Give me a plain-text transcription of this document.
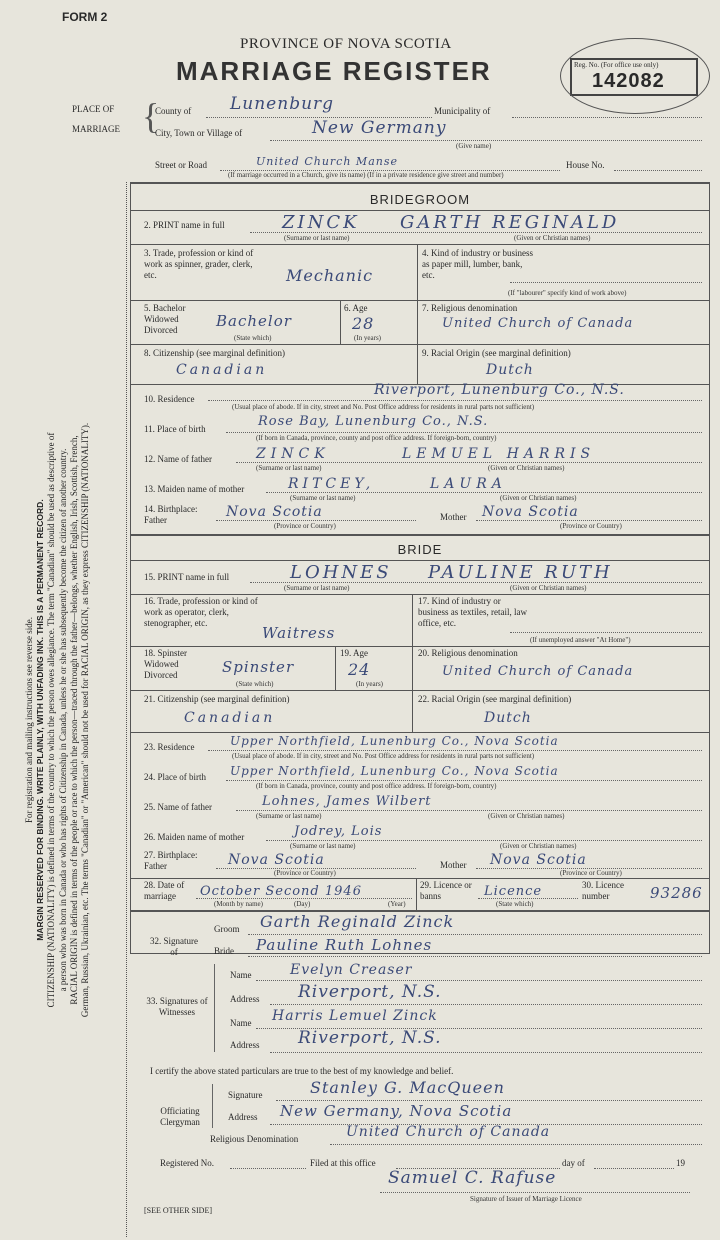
For registration and mailing instructions see reverse side. MARGIN RESERVED FOR BINDING. WRITE PLAINLY, WITH UNFADING INK. THIS IS A PERMANENT RECORD. CITIZENSHIP (NATIONALITY) is defined in terms of the country to which the person owes allegiance. The term "Canadian" should be used as descriptive of a person who was born in Canada or who has rights of Citizenship in Canada, unless he or she has subsequently become the citizen of another country. RACIAL ORIGIN is defined in terms of the people or race to which the person—traced through the father—belongs, whether English, Irish, Scottish, French, German, Russian, Ukrainian, etc. The terms "Canadian" or "American" should not be used for RACIAL ORIGIN, as they express CITIZENSHIP (NATIONALITY).
FORM 2
PROVINCE OF NOVA SCOTIA
MARRIAGE REGISTER	Reg. No. (For office use only)
142082
PLACE OF
MARRIAGE {
County of Lunenburg	Municipality of
City, Town or Village of	New Germany
(Give name)
Street or Road	United Church Manse	House No.
(If marriage occurred in a Church, give its name) (If in a private residence give street and number)
BRIDEGROOM
2. PRINT name in full	ZINCK GARTH REGINALD
(Surname or last name)	(Given or Christian names)
3. Trade, profession or kind of work as spinner, grader, clerk, etc.	Mechanic
4. Kind of industry or business as paper mill, lumber, bank, etc.
(If "labourer" specify kind of work above)
5. Bachelor Widowed Divorced	Bachelor
(State which)
6. Age
28
(In years)
7. Religious denomination
United Church of Canada
8. Citizenship (see marginal definition)
Canadian
9. Racial Origin (see marginal definition)
Dutch
10. Residence
Riverport, Lunenburg Co., N.S.
(Usual place of abode. If in city, street and No. Post Office address for residents in rural parts not sufficient)
11. Place of birth	Rose Bay, Lunenburg Co., N.S.
(If born in Canada, province, county and post office address. If foreign-born, country)
12. Name of father	ZINCK	LEMUEL HARRIS
(Surname or last name)	(Given or Christian names)
13. Maiden name of mother	RITCEY,	LAURA
(Surname or last name)	(Given or Christian names)
14. Birthplace: Father	Nova Scotia	Mother Nova Scotia
(Province or Country)	(Province or Country)
BRIDE
15. PRINT name in full	LOHNES PAULINE RUTH
(Surname or last name)	(Given or Christian names)
16. Trade, profession or kind of work as operator, clerk, stenographer, etc.
Waitress
17. Kind of industry or business as textiles, retail, law office, etc.
(If unemployed answer "At Home")
18. Spinster Widowed Divorced	Spinster
(State which)
19. Age
24
(In years)
20. Religious denomination
United Church of Canada
21. Citizenship (see marginal definition)
Canadian
22. Racial Origin (see marginal definition)
Dutch
23. Residence	Upper Northfield, Lunenburg Co., Nova Scotia
(Usual place of abode. If in city, street and No. Post Office address for residents in rural parts not sufficient)
24. Place of birth Upper Northfield, Lunenburg Co., Nova Scotia
(If born in Canada, province, county and post office address. If foreign-born, country)
25. Name of father	Lohnes, James Wilbert
(Surname or last name)	(Given or Christian names)
26. Maiden name of mother	Jodrey, Lois
(Surname or last name)	(Given or Christian names)
27. Birthplace: Father	Nova Scotia	Mother Nova Scotia
(Province or Country)	(Province or Country)
28. Date of marriage	October Second 1946
(Month by name)	(Day)	(Year)
29. Licence or banns	Licence
(State which)
30. Licence number	93286
32. Signature of
Groom Garth Reginald Zinck
Bride Pauline Ruth Lohnes
33. Signatures of Witnesses
Name	Evelyn Creaser
Address Riverport, N.S.
Name Harris Lemuel Zinck
Address Riverport, N.S.
I certify the above stated particulars are true to the best of my knowledge and belief.
Officiating Clergyman
Signature	Stanley G. MacQueen
Address New Germany, Nova Scotia
Religious Denomination	United Church of Canada
Registered No.	Filed at this office	day of	19
Samuel C. Rafuse
Signature of Issuer of Marriage Licence
[SEE OTHER SIDE]
